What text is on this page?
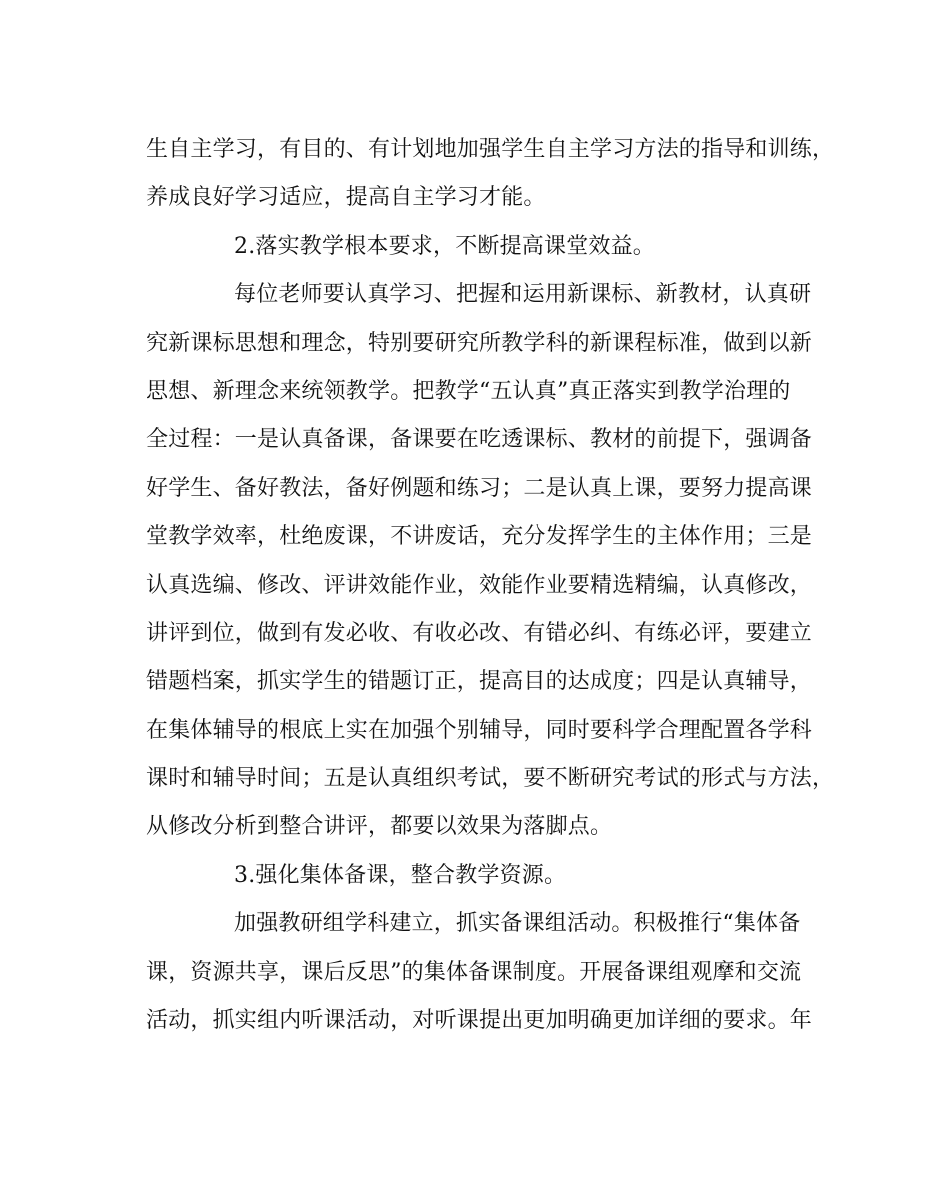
生自主学习，有目的、有计划地加强学生自主学习方法的指导和训练，
养成良好学习适应，提高自主学习才能。
2.落实教学根本要求，不断提高课堂效益。
每位老师要认真学习、把握和运用新课标、新教材，认真研
究新课标思想和理念，特别要研究所教学科的新课程标准，做到以新
思想、新理念来统领教学。把教学“五认真”真正落实到教学治理的
全过程：一是认真备课，备课要在吃透课标、教材的前提下，强调备
好学生、备好教法，备好例题和练习；二是认真上课，要努力提高课
堂教学效率，杜绝废课，不讲废话，充分发挥学生的主体作用；三是
认真选编、修改、评讲效能作业，效能作业要精选精编，认真修改，
讲评到位，做到有发必收、有收必改、有错必纠、有练必评，要建立
错题档案，抓实学生的错题订正，提高目的达成度；四是认真辅导，
在集体辅导的根底上实在加强个别辅导，同时要科学合理配置各学科
课时和辅导时间；五是认真组织考试，要不断研究考试的形式与方法，
从修改分析到整合讲评，都要以效果为落脚点。
3.强化集体备课，整合教学资源。
加强教研组学科建立，抓实备课组活动。积极推行“集体备
课，资源共享，课后反思”的集体备课制度。开展备课组观摩和交流
活动，抓实组内听课活动，对听课提出更加明确更加详细的要求。年
